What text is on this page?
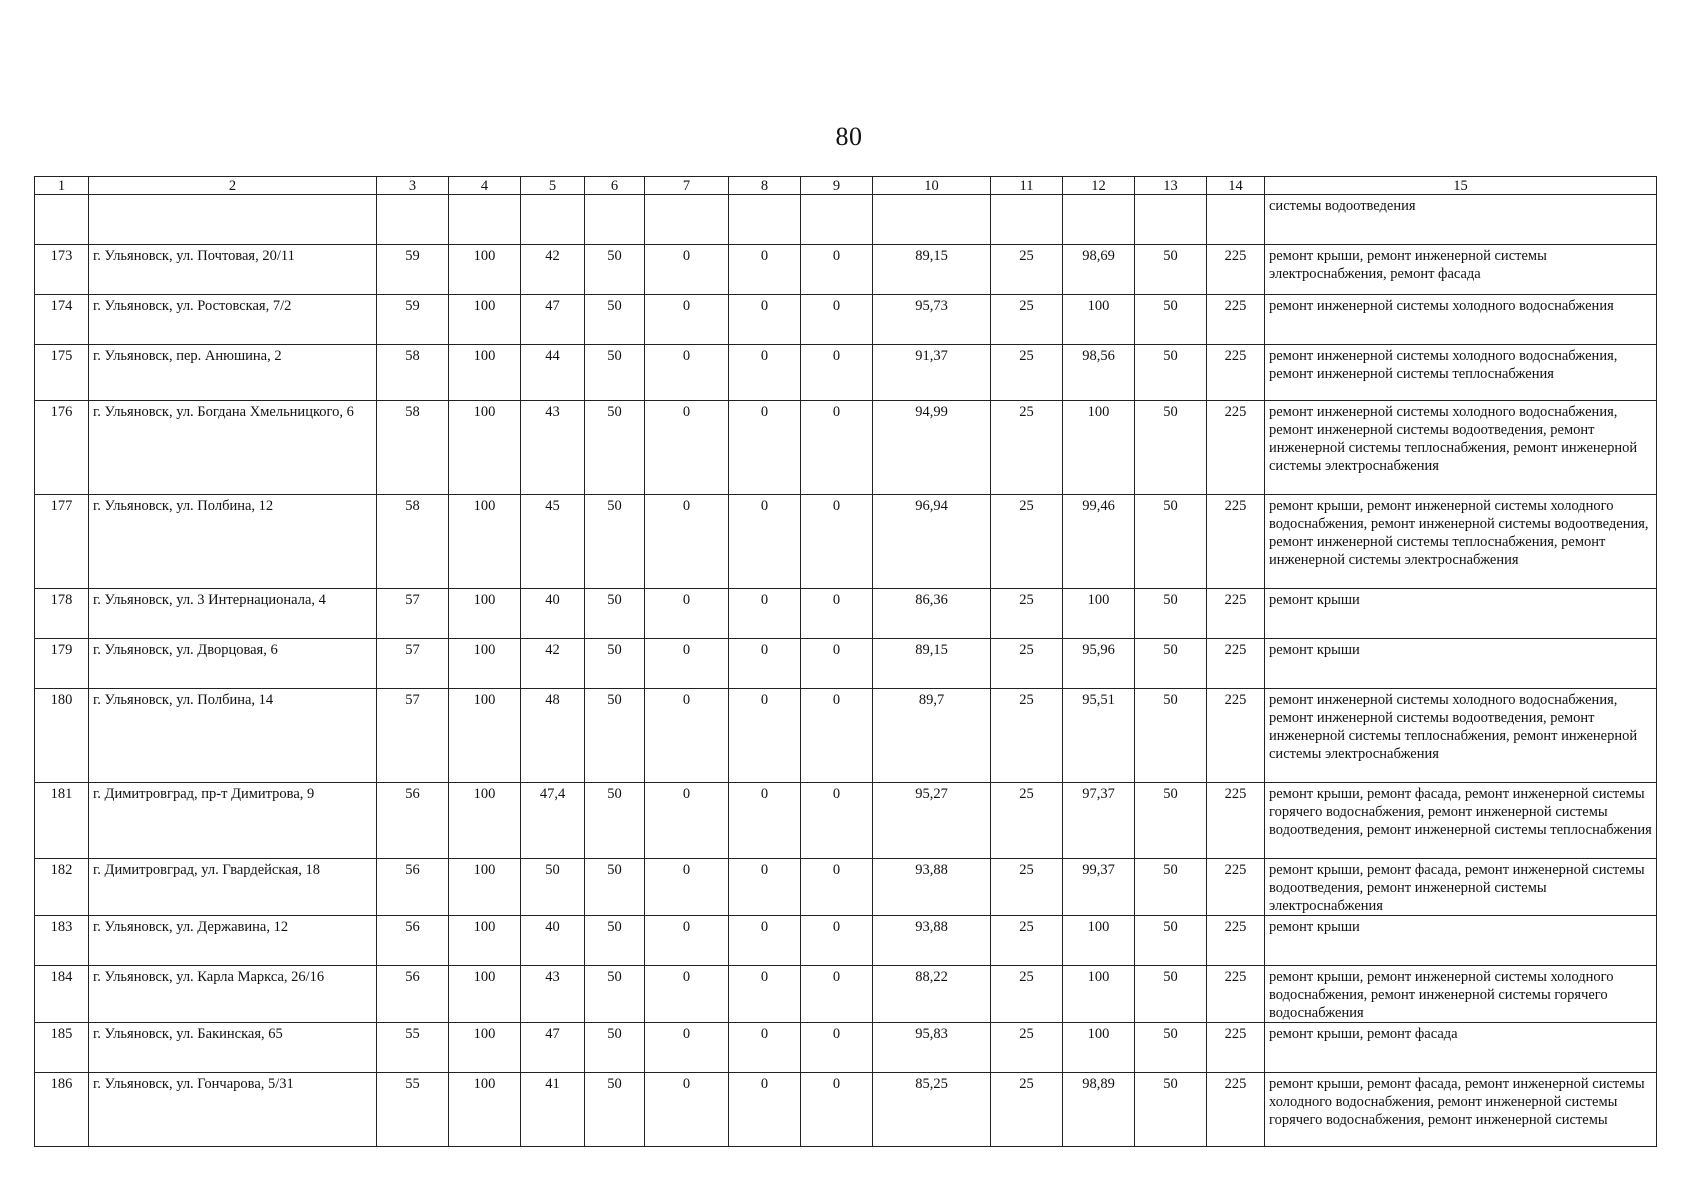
80
1	2	3	4	5	6	7	8	9	10	11	12	13	14	15
														системы водоотведения
173	г. Ульяновск, ул. Почтовая, 20/11	59	100	42	50	0	0	0	89,15	25	98,69	50	225	ремонт крыши, ремонт инженерной системы электроснабжения, ремонт фасада
174	г. Ульяновск, ул. Ростовская, 7/2	59	100	47	50	0	0	0	95,73	25	100	50	225	ремонт инженерной системы холодного водоснабжения
175	г. Ульяновск, пер. Анюшина, 2	58	100	44	50	0	0	0	91,37	25	98,56	50	225	ремонт инженерной системы холодного водоснабжения, ремонт инженерной системы теплоснабжения
176	г. Ульяновск, ул. Богдана Хмельницкого, 6	58	100	43	50	0	0	0	94,99	25	100	50	225	ремонт инженерной системы холодного водоснабжения, ремонт инженерной системы водоотведения, ремонт инженерной системы теплоснабжения, ремонт инженерной системы электроснабжения
177	г. Ульяновск, ул. Полбина, 12	58	100	45	50	0	0	0	96,94	25	99,46	50	225	ремонт крыши, ремонт инженерной системы холодного водоснабжения, ремонт инженерной системы водоотведения, ремонт инженерной системы теплоснабжения, ремонт инженерной системы электроснабжения
178	г. Ульяновск, ул. 3 Интернационала, 4	57	100	40	50	0	0	0	86,36	25	100	50	225	ремонт крыши
179	г. Ульяновск, ул. Дворцовая, 6	57	100	42	50	0	0	0	89,15	25	95,96	50	225	ремонт крыши
180	г. Ульяновск, ул. Полбина, 14	57	100	48	50	0	0	0	89,7	25	95,51	50	225	ремонт инженерной системы холодного водоснабжения, ремонт инженерной системы водоотведения, ремонт инженерной системы теплоснабжения, ремонт инженерной системы электроснабжения
181	г. Димитровград, пр-т Димитрова, 9	56	100	47,4	50	0	0	0	95,27	25	97,37	50	225	ремонт крыши, ремонт фасада, ремонт инженерной системы горячего водоснабжения, ремонт инженерной системы водоотведения, ремонт инженерной системы теплоснабжения
182	г. Димитровград, ул. Гвардейская, 18	56	100	50	50	0	0	0	93,88	25	99,37	50	225	ремонт крыши, ремонт фасада, ремонт инженерной системы водоотведения, ремонт инженерной системы электроснабжения
183	г. Ульяновск, ул. Державина, 12	56	100	40	50	0	0	0	93,88	25	100	50	225	ремонт крыши
184	г. Ульяновск, ул. Карла Маркса, 26/16	56	100	43	50	0	0	0	88,22	25	100	50	225	ремонт крыши, ремонт инженерной системы холодного водоснабжения, ремонт инженерной системы горячего водоснабжения
185	г. Ульяновск, ул. Бакинская, 65	55	100	47	50	0	0	0	95,83	25	100	50	225	ремонт крыши, ремонт фасада
186	г. Ульяновск, ул. Гончарова, 5/31	55	100	41	50	0	0	0	85,25	25	98,89	50	225	ремонт крыши, ремонт фасада, ремонт инженерной системы холодного водоснабжения, ремонт инженерной системы горячего водоснабжения, ремонт инженерной системы
